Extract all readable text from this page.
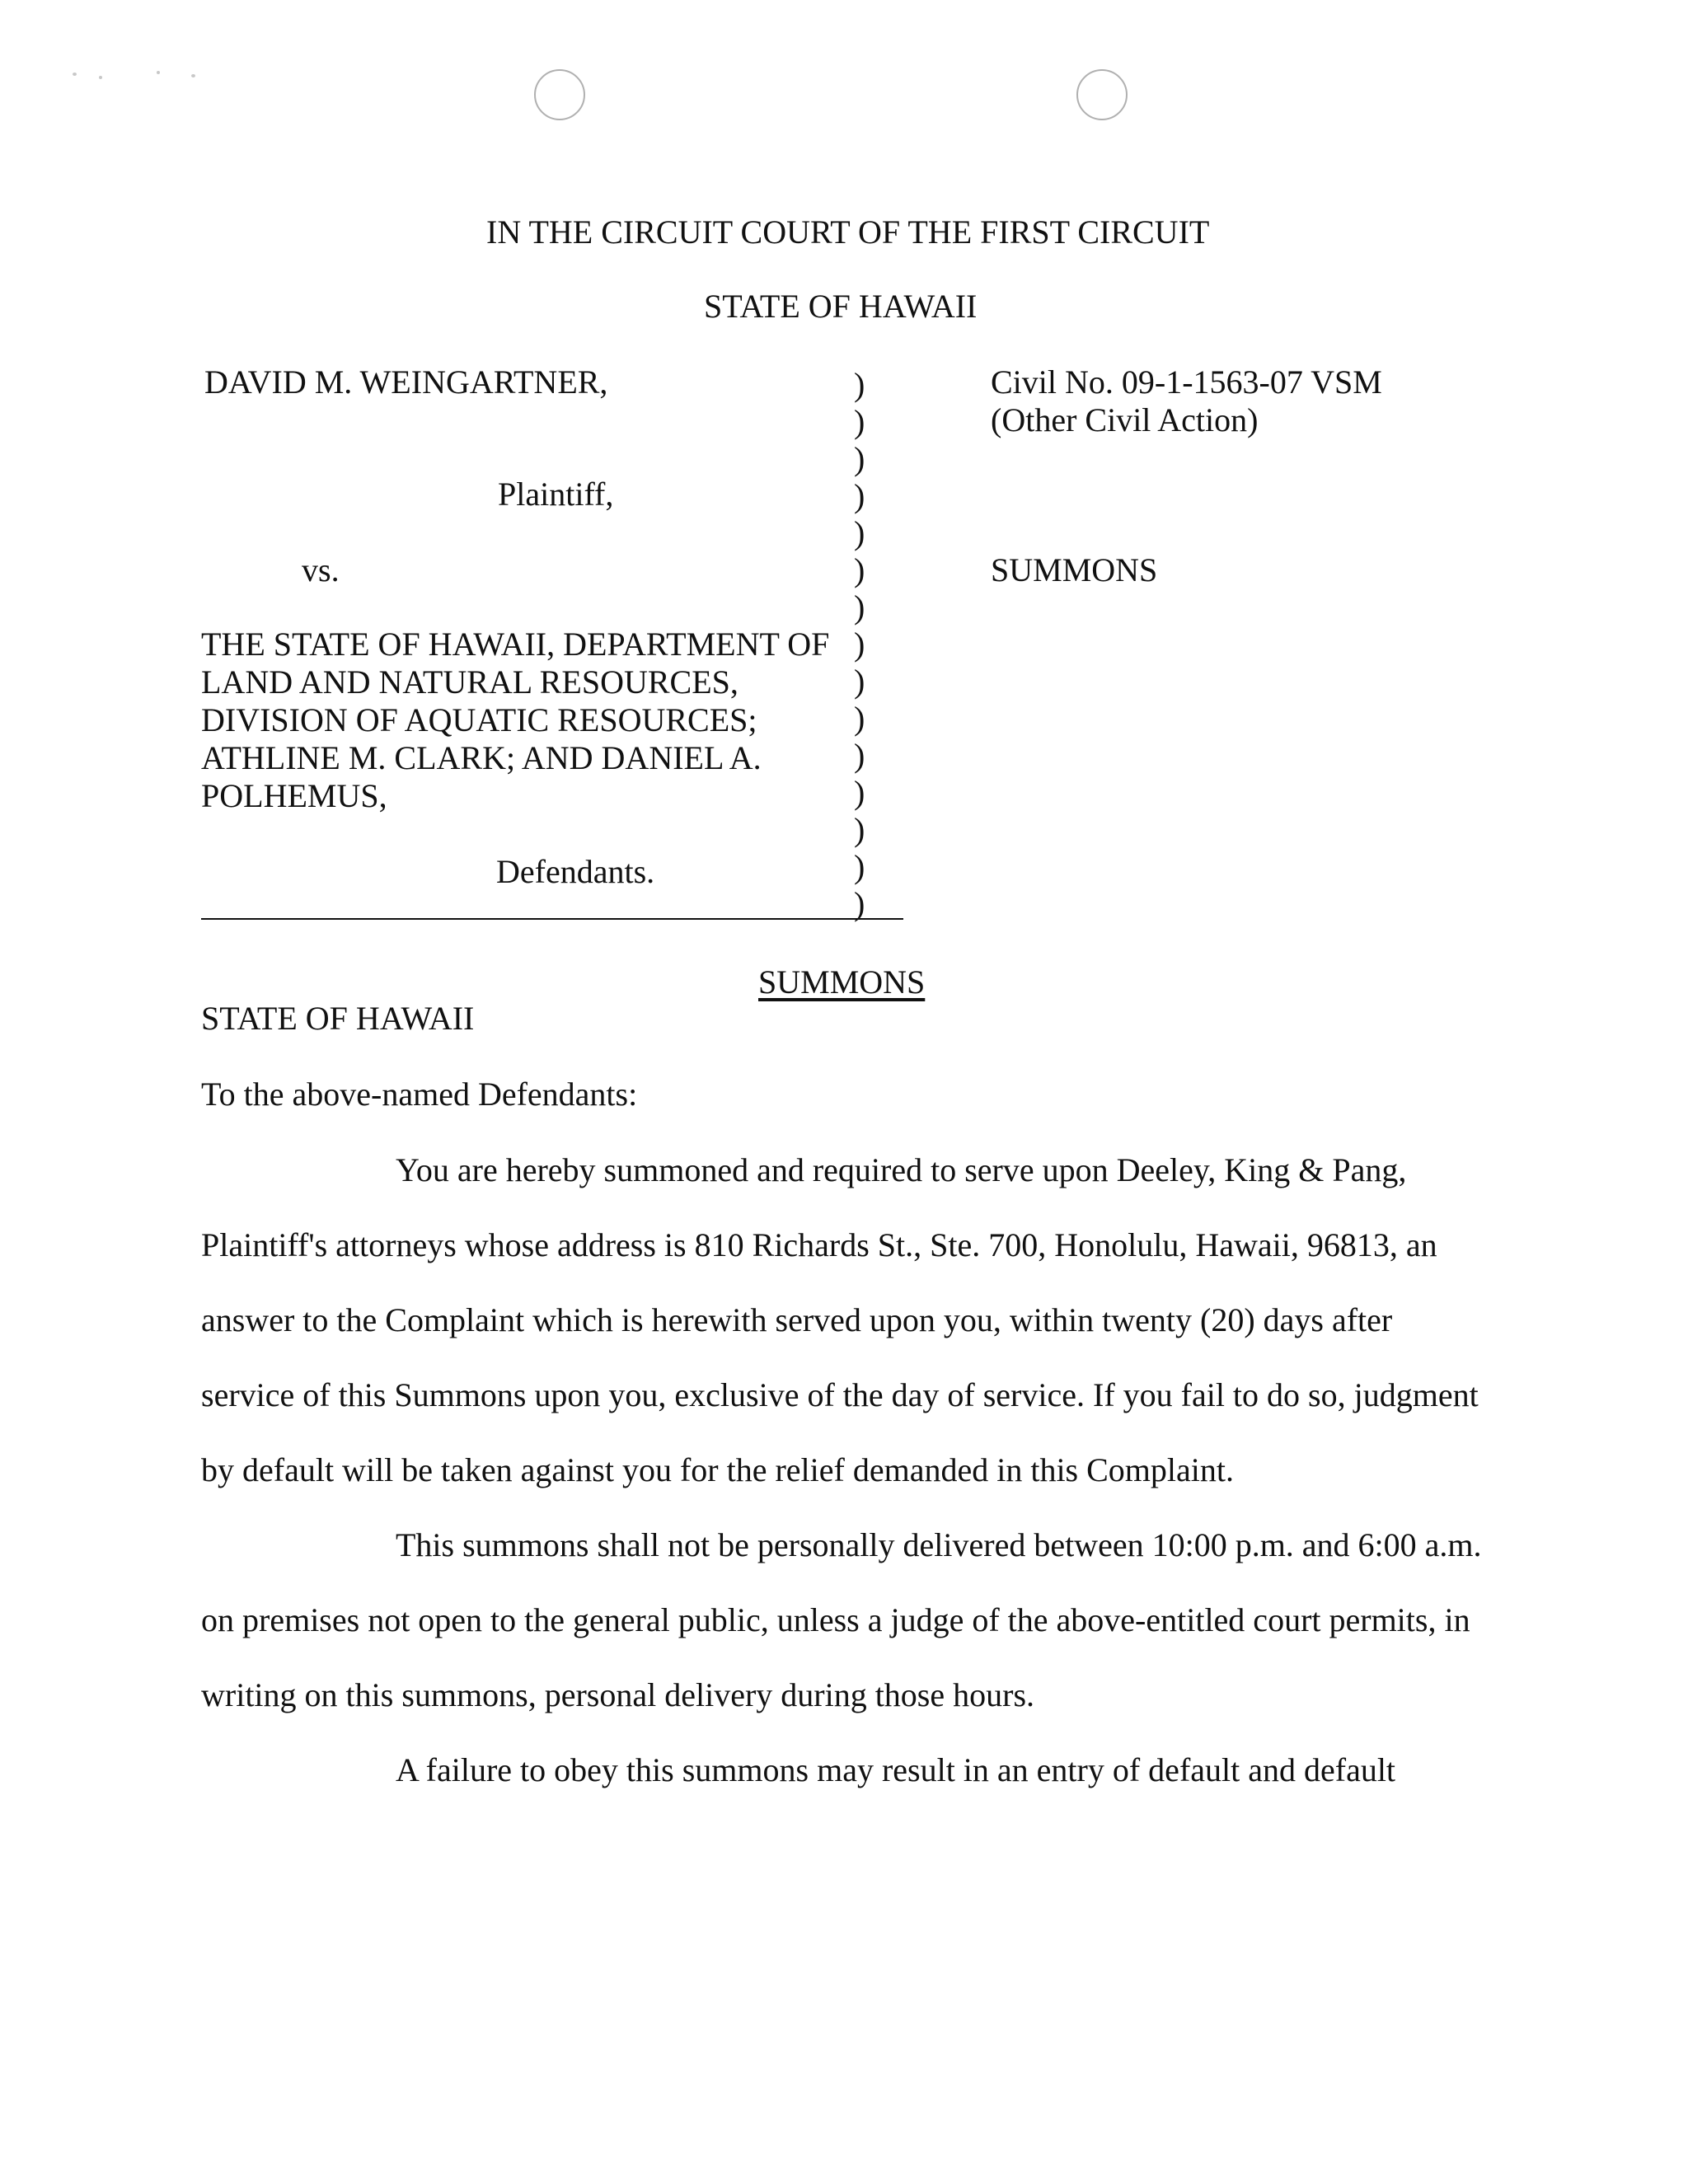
IN THE CIRCUIT COURT OF THE FIRST CIRCUIT
STATE OF HAWAII
DAVID M. WEINGARTNER,
Plaintiff,
vs.
THE STATE OF HAWAII, DEPARTMENT OF
LAND AND NATURAL RESOURCES,
DIVISION OF AQUATIC RESOURCES;
ATHLINE M. CLARK; AND DANIEL A.
POLHEMUS,
Defendants.
)
)
)
)
)
)
)
)
)
)
)
)
)
)
)
Civil No. 09-1-1563-07 VSM
(Other Civil Action)
SUMMONS
SUMMONS
STATE OF HAWAII
To the above-named Defendants:
You are hereby summoned and required to serve upon Deeley, King & Pang,
Plaintiff's attorneys whose address is 810 Richards St., Ste. 700, Honolulu, Hawaii, 96813, an
answer to the Complaint which is herewith served upon you, within twenty (20) days after
service of this Summons upon you, exclusive of the day of service. If you fail to do so, judgment
by default will be taken against you for the relief demanded in this Complaint.
This summons shall not be personally delivered between 10:00 p.m. and 6:00 a.m.
on premises not open to the general public, unless a judge of the above-entitled court permits, in
writing on this summons, personal delivery during those hours.
A failure to obey this summons may result in an entry of default and default
